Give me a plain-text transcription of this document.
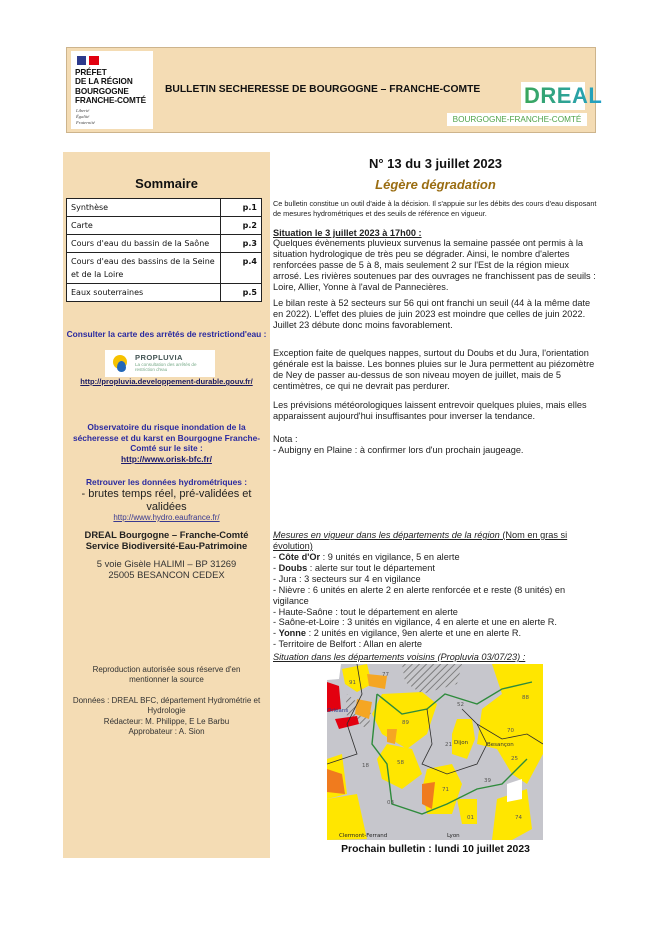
PRÉFET
DE LA RÉGION
BOURGOGNE
FRANCHE-COMTÉ
Liberté
Égalité
Fraternité
BULLETIN SECHERESSE DE BOURGOGNE – FRANCHE-COMTE DREAL
BOURGOGNE-FRANCHE-COMTÉ
Sommaire
Synthèse	p.1
Carte	p.2
Cours d'eau du bassin de la Saône	p.3
Cours d'eau des bassins de la Seine et de la Loire	p.4
Eaux souterraines	p.5
Consulter la carte des arrêtés de restrictiond'eau :
PROPLUVIA
La consultation des arrêtés de restriction d'eau
http://propluvia.developpement-durable.gouv.fr/
Observatoire du risque inondation de la sécheresse et du karst en Bourgogne Franche-Comté sur le site :
http://www.orisk-bfc.fr/
Retrouver les données hydrométriques :
- brutes temps réel, pré-validées et validées
http://www.hydro.eaufrance.fr/
DREAL Bourgogne – Franche-Comté
Service Biodiversité-Eau-Patrimoine
5 voie Gisèle HALIMI – BP 31269
25005 BESANCON CEDEX
Reproduction autorisée sous réserve d'en mentionner la source
Données : DREAL BFC, département Hydrométrie et Hydrologie
Rédacteur: M. Philippe, E Le Barbu
Approbateur : A. Sion
N° 13 du 3 juillet 2023
Légère dégradation
Ce bulletin constitue un outil d'aide à la décision. Il s'appuie sur les débits des cours d'eau disposant de mesures hydrométriques et des seuils de référence en vigueur.
Situation le 3 juillet 2023 à 17h00 :
Quelques évènements pluvieux survenus la semaine passée ont permis à la situation hydrologique de très peu se dégrader. Ainsi, le nombre d'alertes renforcées passe de 5 à 8, mais seulement 2 sur l'Est de la région mieux arrosé. Les rivières soutenues par des ouvrages ne franchissent pas de seuils : Loire, Allier, Yonne à l'aval de Pannecières.
Le bilan reste à 52 secteurs sur 56 qui ont franchi un seuil (44 à la même date en 2022). L'effet des pluies de juin 2023 est moindre que celles de juin 2022. Juillet 23 débute donc moins favorablement.
Exception faite de quelques nappes, surtout du Doubs et du Jura, l'orientation générale est la baisse. Les bonnes pluies sur le Jura permettent au piézomètre de Ney de passer au-dessus de son niveau moyen de juillet, mais de 5 centimètres, ce qui ne devrait pas perdurer.
Les prévisions météorologiques laissent entrevoir quelques pluies, mais elles apparaissent aujourd'hui insuffisantes pour inverser la tendance.
Nota :
- Aubigny en Plaine : à confirmer lors d'un prochain jaugeage.
Mesures en vigueur dans les départements de la région (Nom en gras si évolution)
- Côte d'Or : 9 unités en vigilance, 5 en alerte
- Doubs : alerte sur tout le département
- Jura : 3 secteurs sur 4 en vigilance
- Nièvre : 6 unités en alerte 2 en alerte renforcée et e reste (8 unités) en vigilance
- Haute-Saône : tout le département en alerte
- Saône-et-Loire : 3 unités en vigilance, 4 en alerte et une en alerte R.
- Yonne : 2 unités en vigilance, 9en alerte et une en alerte R.
- Territoire de Belfort : Allan en alerte
Situation dans les départements voisins (Propluvia 03/07/23) :
77
91
Orléans
89
52
88
70
21 Dijon	Besançon
25
58
18
39
71
03
01	74
Clermont-Ferrand	Lyon
Prochain bulletin : lundi 10 juillet 2023
